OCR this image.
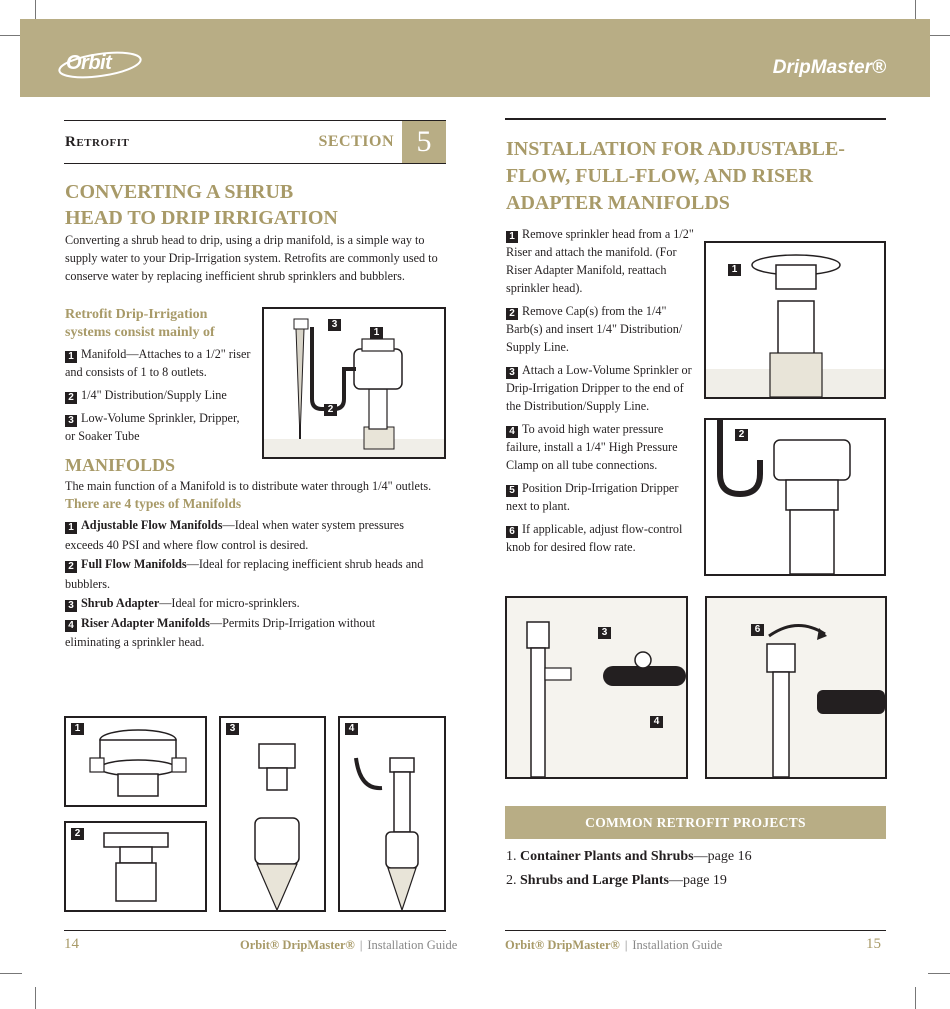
Orbit	DripMaster®
Retrofit	SECTION 5
CONVERTING A SHRUB
HEAD TO DRIP IRRIGATION
Converting a shrub head to drip, using a drip manifold, is a simple way to
supply water to your Drip-Irrigation system. Retrofits are commonly used to
conserve water by replacing inefficient shrub sprinklers and bubblers.
Retrofit Drip-Irrigation
systems consist mainly of
1 Manifold—Attaches to a 1/2" riser
and consists of 1 to 8 outlets.
2 1/4" Distribution/Supply Line
3 Low-Volume Sprinkler, Dripper,
or Soaker Tube
3
1
2
MANIFOLDS
The main function of a Manifold is to distribute water through 1/4" outlets.
There are 4 types of Manifolds
1 Adjustable Flow Manifolds—Ideal when water system pressures
exceeds 40 PSI and where flow control is desired.
2 Full Flow Manifolds—Ideal for replacing inefficient shrub heads and
bubblers.
3 Shrub Adapter—Ideal for micro-sprinklers.
4 Riser Adapter Manifolds—Permits Drip-Irrigation without
eliminating a sprinkler head.
1
2
3	4
INSTALLATION FOR ADJUSTABLE-
FLOW, FULL-FLOW, AND RISER
ADAPTER MANIFOLDS
1 Remove sprinkler head from a 1/2"
Riser and attach the manifold. (For
Riser Adapter Manifold, reattach
sprinkler head).
2 Remove Cap(s) from the 1/4"
Barb(s) and insert 1/4" Distribution/
Supply Line.
3 Attach a Low-Volume Sprinkler or
Drip-Irrigation Dripper to the end of
the Distribution/Supply Line.
4 To avoid high water pressure
failure, install a 1/4" High Pressure
Clamp on all tube connections.
5 Position Drip-Irrigation Dripper
next to plant.
6 If applicable, adjust flow-control
knob for desired flow rate.
1
2
3
4
6
COMMON RETROFIT PROJECTS
1. Container Plants and Shrubs—page 16
2. Shrubs and Large Plants—page 19
14	Orbit® DripMaster® | Installation Guide	Orbit® DripMaster® | Installation Guide	15
